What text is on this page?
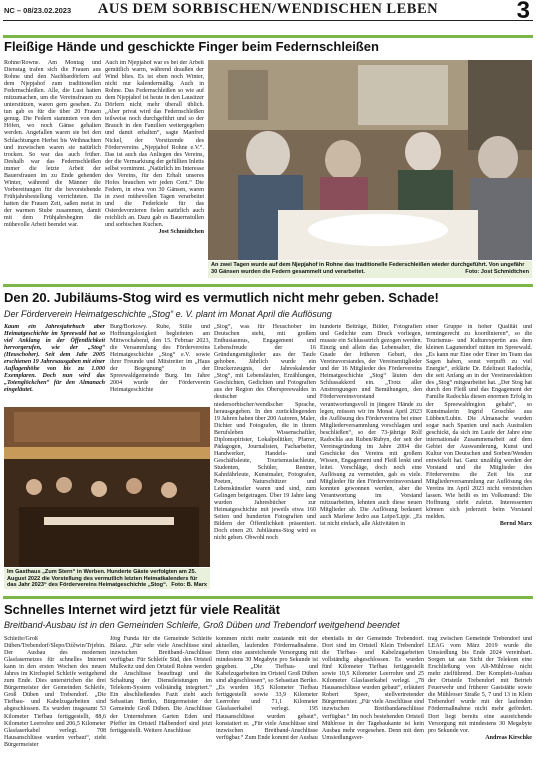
NC – 08/23.02.2023	AUS DEM SORBISCHEN/WENDISCHEN LEBEN	3
Fleißige Hände und geschickte Finger beim Federnschleißen
Rohne/Rowne. Am Montag und Dienstag trafen sich die Frauen aus Rohne und den Nachbardörfern auf dem Njepjahof zum traditionellen Federnschleißen. Alle, die Lust hatten mitzumachen, um die Vereinsfrauen zu unterstützen, waren gern gesehen. Zu tun gab es für die über 20 Frauen genug. Die Federn stammten von den Höfen, wo noch Gänse gehalten werden. Angefallen waren sie bei den Schlachtungen Herbst bis Weihnachten und inzwischen waren sie natürlich trocken. So war das auch früher. Deshalb war das Federnschleißen immer die letzte Arbeit der Bauersfrauen im zu Ende gehenden Winter, während die Männer die Vorbereitungen für die bevorstehende Frühjahrsbestellung verrichteten. Da hatten die Frauen Zeit, saßen meist in der warmen Stube zusammen, damit mit dem Frühjahrsbeginn die mühevolle Arbeit beendet war.
Auch im Njepjahof war es bei der Arbeit gemütlich warm, während draußen der Wind blies. Es ist eben noch Winter, nicht nur kalendermäßig. Auch in Rohne. Das Federnschleißen so wie auf dem Njepjahof ist heute in den Lausitzer Dörfern nicht mehr überall üblich. „Aber privat wird das Federnschleißen teilweise noch durchgeführt und so der Brauch in den Familien weitergegeben und damit erhalten“, sagte Manfred Nickel, der Vorsitzende des Fördervereins „Njepjahof Rohne e.V.“. Das ist auch das Anliegen des Vereins, der die Vermarktung der gefüllten Inletts selbst vornimmt. „Natürlich im Interesse des Vereins, für den Erhalt unseres Hofes brauchen wir jeden Cent.“ Die Federn, in etwa von 30 Gänsen, waren in zwei mühevollen Tagen verarbeitet und die Federkiele für das Osterdevorzieren fielen natürlich auch reichlich an. Dazu gab es Bauernstullen und sorbischen Kuchen.
Jost Schmidtchen
An zwei Tagen wurde auf dem Njepjahof in Rohne das traditionelle Federschleißen wieder durchgeführt. Von ungefähr 30 Gänsen wurden die Federn gesammelt und verarbeitet.	Foto: Jost Schmidtchen
Den 20. Jubiläums-Stog wird es vermutlich nicht mehr geben. Schade!
Der Förderverein Heimatgeschichte „Stog“ e. V. plant im Monat April die Auflösung
Kaum ein Jahresjahrbuch aber Heimatgeschichte im Spreewald hat so viel Anklang in der Öffentlichkeit hervorgerufen, wie der „Stog“ (Heuschober). Seit dem Jahr 2005 erschienen 19 Jahresausgaben mit einer Auflagenhöhe von bis zu 1.000 Exemplaren. Doch nun wird das „Totenglöckchen“ für den Almanach eingeläutet.
Burg/Borkowy. Ruhe, Stille und Hoffnungslosigkeit begleiteten am Mittwochabend, den 15. Februar 2023, die Versammlung des Fördervereins Heimatgeschichte „Stog“ e.V. sowie ihrer Freunde und Mitstreiter im „Haus der Begegnung“ in der Spreewaldgemeinde Burg. Im Jahre 2004 wurde der Förderverein Heimatgeschichte
Im Gasthaus „Zum Stern“ in Werben. Hunderte Gäste verfolgten am 25. August 2022 die Vorstellung des vermutlich letzten Heimatkalenders für das Jahr 2023“ des Fördervereins Heimatgeschichte „Stog“. Foto: B. Marx
„Stog“, was für Heuschober im Deutschen steht, mit großem Enthusiasmus, Engagement und Lebensfreude der 16 Gründungsmitglieder aus der Taufe gehoben. Jährlich wurde ein Druckerzeugnis, der Jahreskalender „Stog“, mit Lebensläufen, Erzählungen, Geschichten, Gedichten und Fotografien aus der Region des Oberspreewaldes in deutscher und niedersorbischer/wendischer Sprache, herausgegeben. In den zurückliegenden 19 Jahren haben über 200 Autoren, Maler, Dichter und Fotografen, die in ihrem Berufsleben Wissenschaftler, Diplomspirister, Lokalpolitiker, Pfarrer, Pädagogen, Journalisten, Facharbeiter, Handwerker, Handels- und Geschäftsleute, Tourismusfachleute, Studenten, Schüler, Rentner, Kahnfährleute, Kunstmaler, Fotografen, Poeten, Naturschützer und Lebenskünstler waren und sind, zum Gelingen beigetragen. Über 19 Jahre lang wurden Jahresbücher zur Heimatgeschichte mit jeweils etwa 160 Seiten und hunderten Fotografien und Bildern der Öffentlichkeit präsentiert. Doch einen 20. Jubiläums-Stog wird es nicht geben. Obwohl noch
hunderte Beiträge, Bilder, Fotografien und Gedichte zum Druck vorliegen, musste ein Schlussstrich gezogen werden. Einzig und allein das Lebensalter, die Gnade der früheren Geburt, des Vereinsvorstandes, der Vereinsmitglieder und der 16 Mitglieder des Fördervereins Heimatgeschichte „Stog“ läuten den Schlussakkord ein. „Trotz aller Anstrengungen und Bemühungen, den Fördervereinsvorstand verantwortungsvoll in jüngere Hände zu legen, müssen wir im Monat April 2023 die Auflösung des Fördervereins bei einer Mitgliederversammlung vorschlagen und beschließen“, so der 73-jährige Rolf Radochla aus Ruben/Rubyn, der seit der Vereinsgründung im Jahre 2004 die Geschicke des Vereins mit großem Wissen, Engagement und Fleiß lenkt und leitet. Vorschläge, doch noch eine Auflösung zu vermeiden, gab es viele. Mitglieder für den Fördervereinsvorstand konnten gewonnen werden, aber die Verantwortung im Vorstand mitzuarbeiten, lehnten auch diese neuen Mitglieder ab. Die Auflösung bedauert auch Marlene Jedro aus Leipe/Lipje. „Es ist nicht einfach, alle Aktivitäten in
einer Gruppe in hoher Qualität und termingerecht zu koordinieren“, so die Tourismus- und Kulturexpertin aus dem kleinen Lagunendorf mitten im Spreewald. „Es kann nur Eine oder Einer im Team das Sagen haben, sonst verpufft zu viel Energie“, erklärte Dr. Edeltraut Radochla, die seit Anfang an in der Vereinsredaktion des „Stog“ mitgearbeitet hat. „Der Stog hat durch den Fleiß und das Engagement der Familie Radochla diesen enormen Erfolg in der Spreewaldregion gehabt“, so Kunstmalerin Ingrid Groschke aus Lübben/Lubin. Die Almanache wurden sogar nach Spanien und nach Australien geschickt, da sich im Laufe der Jahre eine internationale Zusammenarbeit auf dem Gebiet der Auswanderung, Kunst und Kultur von Deutschen und Sorben/Wenden entwickelt hat. Ganz unzählig werden der Vorstand und die Mitglieder des Fördervereins die Zeit bis zur Mitgliederversammlung zur Auflösung des Vereins im April 2023 nicht verstreichen lassen. Wie heißt es im Volksmund: Die Hoffnung stirbt zuletzt. Interessenten können sich jederzeit beim Vorstand melden.
Bernd Marx
Schnelles Internet wird jetzt für viele Realität
Breitband-Ausbau ist in den Gemeinden Schleife, Groß Düben und Trebendorf weitgehend beendet
Schleife/Groß Düben/Trebendorf/Slepo/Dźěwin/Trjebin. Der Ausbau des modernen Glasfasernetzes für schnelles Internet kann in den ersten Wochen des neuen Jahres im Kirchspiel Schleife weitgehend zum Ende. Dies unterstrichen die drei Bürgermeister der Gemeinden Schleife, Groß Düben und Trebendorf. „Die Tiefbau- und Kabelzugarbeiten sind abgeschlossen. Es wurden insgesamt 53 Kilometer Tiefbau fertiggestellt, 88,6 Kilometer Leerrohre und 206,5 Kilometer Glasfaserkabel verlegt. 708 Hausanschlüsse wurden verbaut“, zieht Bürgermeister
Jörg Funda für die Gemeinde Schleife Bilanz. „Für sehr viele Anschlüsse sind inzwischen Breitband-Anschlüsse verfügbar. Für Schleife Süd, den Ortsteil Mulkwitz und den Ortsteil Rohne werden die Anschlüsse beauftragt und die Schaltung der Dienstleistungen im Telekom-System vollständig integriert.“ Ein abschließendes Fazit zieht auch Sebastian Bertko, Bürgermeister der Gemeinde Groß Düben. Die Anschlüsse der Unternehmen Garten Eden und Pfeffer im Ortsteil Halbendorf sind jetzt fertiggestellt. Weitere Anschlüsse
kommen nicht mehr zustande mit der aktuellen, laufenden Fördermaßnahme. Denn eine ausreichende Versorgung mit mindestens 30 Megabyte pro Sekunde ist gegeben. „Die Tiefbau- und Kabelzugarbeiten im Ortsteil Groß Düben sind abgeschlossen“, so Sebastian Bertko. „Es wurden 18,5 Kilometer Tiefbau fertiggestellt sowie 33,9 Kilometer Leerrohre und 71,1 Kilometer Glasfaserkabel verlegt. 195 Hausanschlüsse wurden gebaut“, konstatiert er. „Für viele Anschlüsse sind inzwischen Breitband-Anschlüsse verfügbar.“ Zum Ende kommt der Ausbau
ebenfalls in der Gemeinde Trebendorf. Dort sind im Ortsteil Klein Trebendorf die Tiefbau- und Kabelzugarbeiten vollständig abgeschlossen. Es wurden fünf Kilometer Tiefbau fertiggestellt sowie 10,5 Kilometer Leerrohre und 25 Kilometer Glasfaserkabel verlegt. „78 Hausanschlüsse wurden gebaut“, erläutert Robert Speer, stellvertretender Bürgermeister. „Für viele Anschlüsse sind inzwischen Breitbandanschlüsse verfügbar.“ Im noch bestehenden Ortsteil Mühlrose in der Tagebaukante ist kein Ausbau mehr vorgesehen. Denn mit dem Umsiedlungsver-
trag zwischen Gemeinde Trebendorf und LEAG vom März 2019 wurde die Umsiedlung bis Ende 2024 vereinbart. Sorgen tat aus Sicht der Telekom eine Erschließung von Alt-Mühlrose nicht mehr zielführend. Der Komplett-Ausbau der Ortsteile Trebendorf mit Betrieb Feuerwehr und früherer Gaststätte sowie die Mühlroser Straße 5, 7 und 13 in Klein Trebendorf wurde mit der laufenden Fördermaßnahme nicht mehr gefördert. Dort liegt bereits eine ausreichende Versorgung mit mindestens 30 Megabyte pro Sekunde vor.
Andreas Kirschke
